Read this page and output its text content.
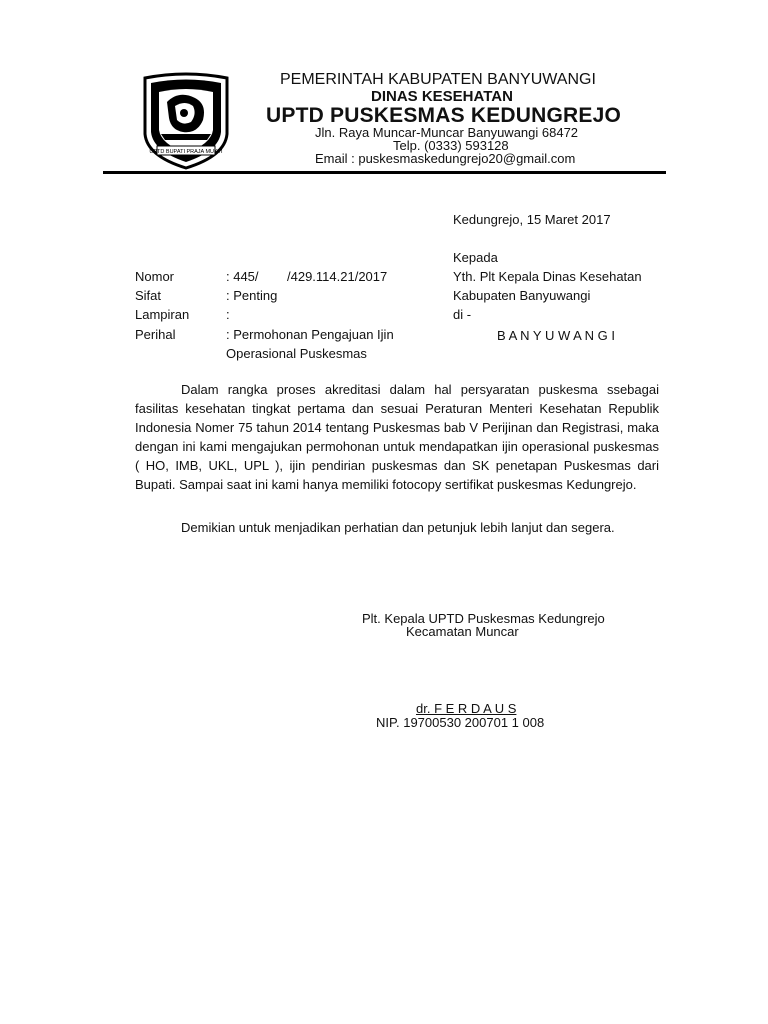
UPTD BUPATI PRAJA MUKTI
PEMERINTAH KABUPATEN BANYUWANGI
DINAS KESEHATAN
UPTD PUSKESMAS KEDUNGREJO
Jln. Raya Muncar-Muncar Banyuwangi 68472
Telp. (0333) 593128
Email : puskesmaskedungrejo20@gmail.com
Kedungrejo, 15 Maret 2017
Kepada
Yth. Plt Kepala Dinas Kesehatan
Kabupaten Banyuwangi
di -
B A N Y U W A N G I
Nomor	: 445/ /429.114.21/2017
Sifat	: Penting
Lampiran	:
Perihal	: Permohonan Pengajuan Ijin
Operasional Puskesmas

Dalam rangka proses akreditasi dalam hal persyaratan puskesma ssebagai fasilitas kesehatan tingkat pertama dan sesuai Peraturan Menteri Kesehatan Republik Indonesia Nomer 75 tahun 2014 tentang Puskesmas bab V Perijinan dan Registrasi, maka dengan ini kami mengajukan permohonan untuk mendapatkan ijin operasional puskesmas ( HO, IMB, UKL, UPL ), ijin pendirian puskesmas dan SK penetapan Puskesmas dari Bupati. Sampai saat ini kami hanya memiliki fotocopy sertifikat puskesmas Kedungrejo.

Demikian untuk menjadikan perhatian dan petunjuk lebih lanjut dan segera.
Plt. Kepala UPTD Puskesmas Kedungrejo
Kecamatan Muncar
dr. F E R D A U S
NIP. 19700530 200701 1 008
